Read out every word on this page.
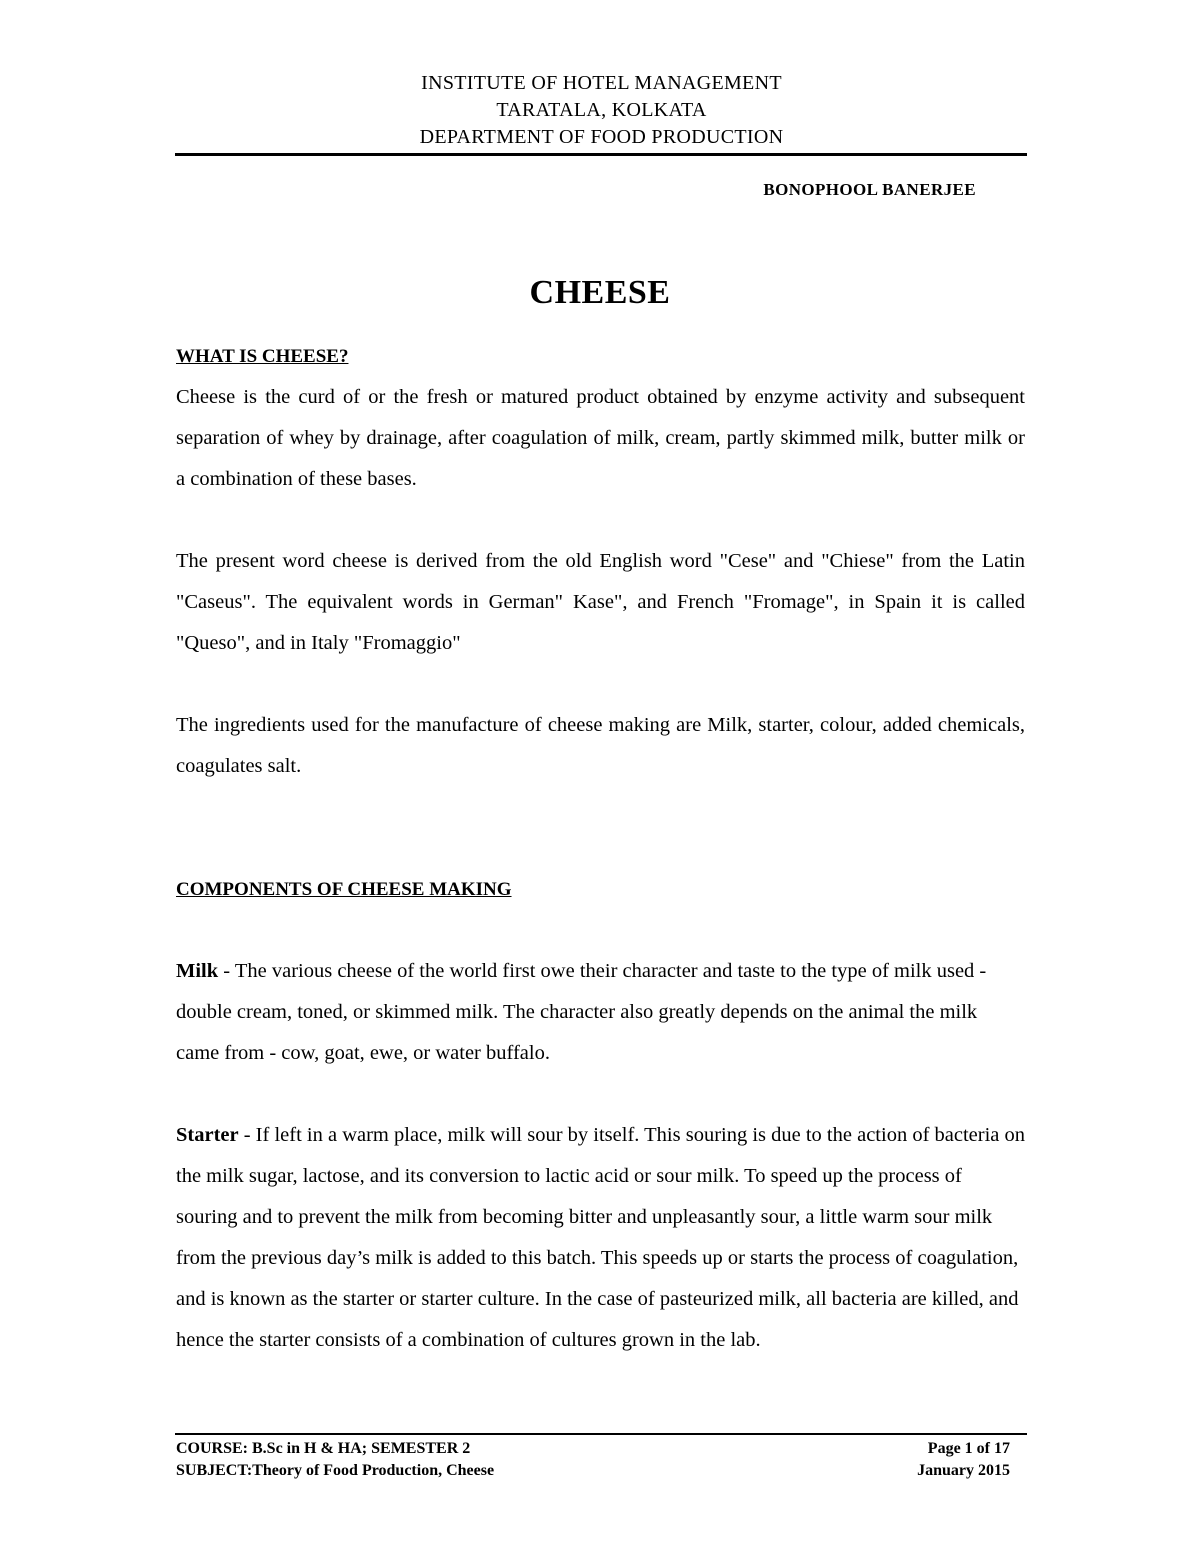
INSTITUTE OF HOTEL MANAGEMENT
TARATALA, KOLKATA
DEPARTMENT OF FOOD PRODUCTION
BONOPHOOL BANERJEE
CHEESE
WHAT IS CHEESE?

Cheese is the curd of or the fresh or matured product obtained by enzyme activity and subsequent separation of whey by drainage, after coagulation of milk, cream, partly skimmed milk, butter milk or a combination of these bases.

The present word cheese is derived from the old English word "Cese" and "Chiese" from the Latin "Caseus". The equivalent words in German" Kase", and French "Fromage", in Spain it is called "Queso", and in Italy "Fromaggio"

The ingredients used for the manufacture of cheese making are Milk, starter, colour, added chemicals, coagulates salt.

COMPONENTS OF CHEESE MAKING

Milk - The various cheese of the world first owe their character and taste to the type of milk used - double cream, toned, or skimmed milk. The character also greatly depends on the animal the milk came from - cow, goat, ewe, or water buffalo.

Starter - If left in a warm place, milk will sour by itself. This souring is due to the action of bacteria on the milk sugar, lactose, and its conversion to lactic acid or sour milk. To speed up the process of souring and to prevent the milk from becoming bitter and unpleasantly sour, a little warm sour milk from the previous day’s milk is added to this batch. This speeds up or starts the process of coagulation, and is known as the starter or starter culture. In the case of pasteurized milk, all bacteria are killed, and hence the starter consists of a combination of cultures grown in the lab.

COURSE: B.Sc in H & HA; SEMESTER 2	Page 1 of 17
SUBJECT:Theory of Food Production, Cheese	January 2015
